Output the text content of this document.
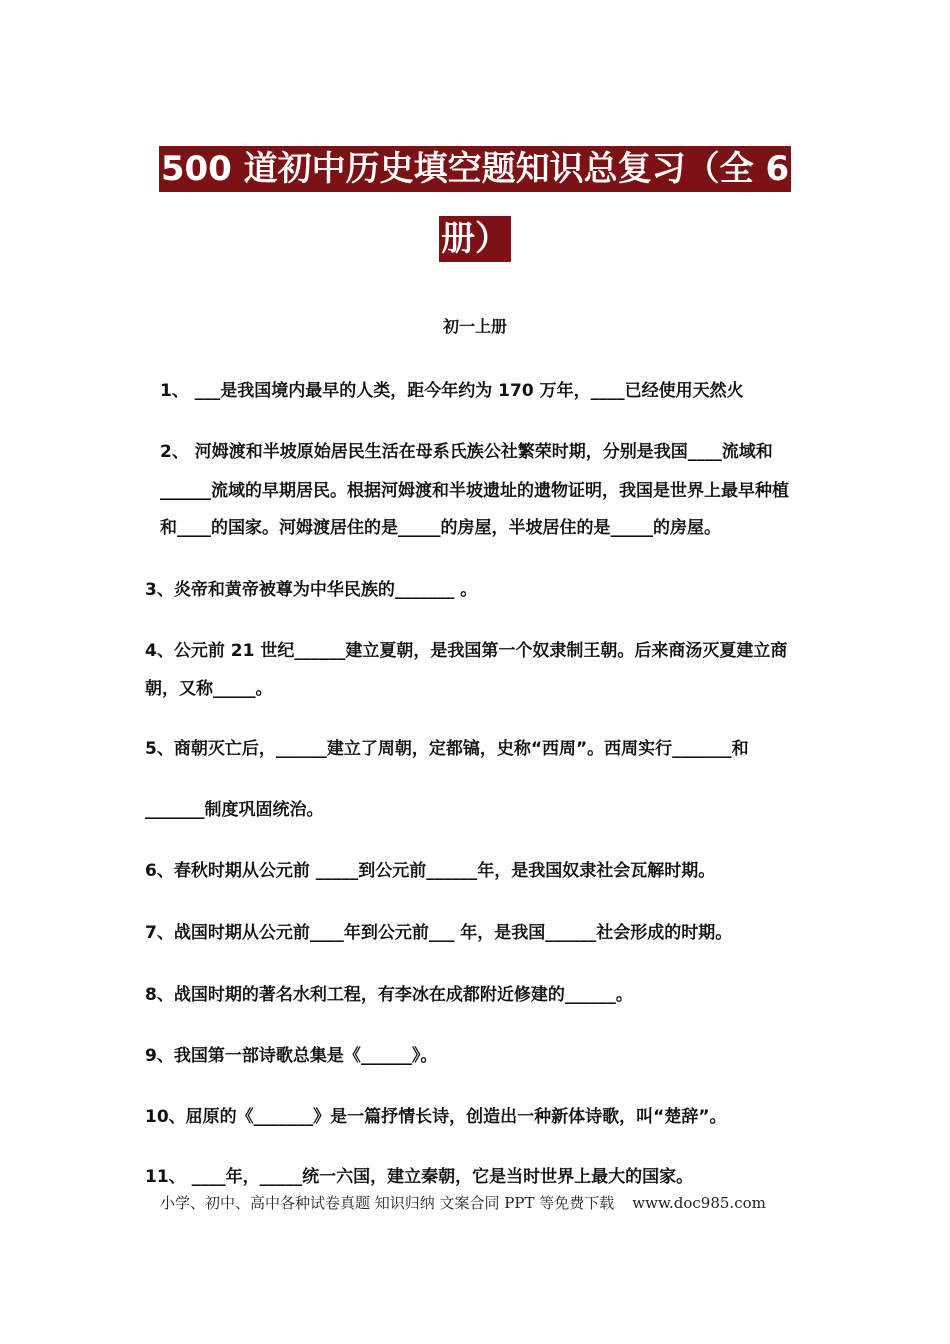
500 道初中历史填空题知识总复习（全 6
册）
初一上册
1、 ___是我国境内最早的人类，距今年约为 170 万年，____已经使用天然火
2、 河姆渡和半坡原始居民生活在母系氏族公社繁荣时期，分别是我国____流域和
______流域的早期居民。根据河姆渡和半坡遗址的遗物证明，我国是世界上最早种植
和____的国家。河姆渡居住的是_____的房屋，半坡居住的是_____的房屋。
3、炎帝和黄帝被尊为中华民族的_______ 。
4、公元前 21 世纪______建立夏朝，是我国第一个奴隶制王朝。后来商汤灭夏建立商
朝，又称_____。
5、商朝灭亡后，______建立了周朝，定都镐，史称“西周”。西周实行_______和
_______制度巩固统治。
6、春秋时期从公元前 _____到公元前______年，是我国奴隶社会瓦解时期。
7、战国时期从公元前____年到公元前___ 年，是我国______社会形成的时期。
8、战国时期的著名水利工程，有李冰在成都附近修建的______。
9、我国第一部诗歌总集是《______》。
10、屈原的《_______》是一篇抒情长诗，创造出一种新体诗歌，叫“楚辞”。
11、 ____年，_____统一六国，建立秦朝，它是当时世界上最大的国家。
小学、初中、高中各种试卷真题 知识归纳 文案合同 PPT 等免费下载 www.doc985.com
